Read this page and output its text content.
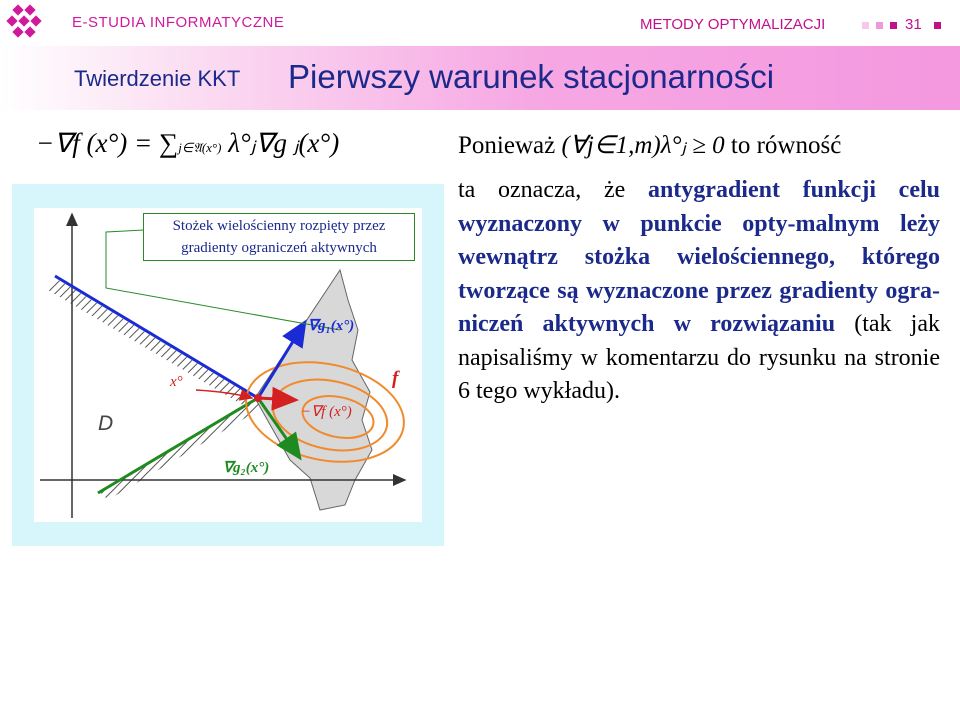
E-STUDIA INFORMATYCZNE	METODY OPTYMALIZACJI	31
Twierdzenie KKT Pierwszy warunek stacjonarności
−∇f (x°) = ∑j∈𝔄(x°) λ°ⱼ∇g ⱼ(x°)	Ponieważ (∀j∈1,m)λ°ⱼ ≥ 0 to równość
ta oznacza, że antygradient funkcji celu wyznaczony w punkcie opty-malnym leży wewnątrz stożka wielościennego, którego tworzące są wyznaczone przez gradienty ogra-niczeń aktywnych w rozwiązaniu (tak jak napisaliśmy w komentarzu do rysunku na stronie 6 tego wykładu).
∇g₁(x°)
∇g₂(x°)
−∇f (x°)
f
x°
D
Stożek wielościenny rozpięty przez
gradienty ograniczeń aktywnych
